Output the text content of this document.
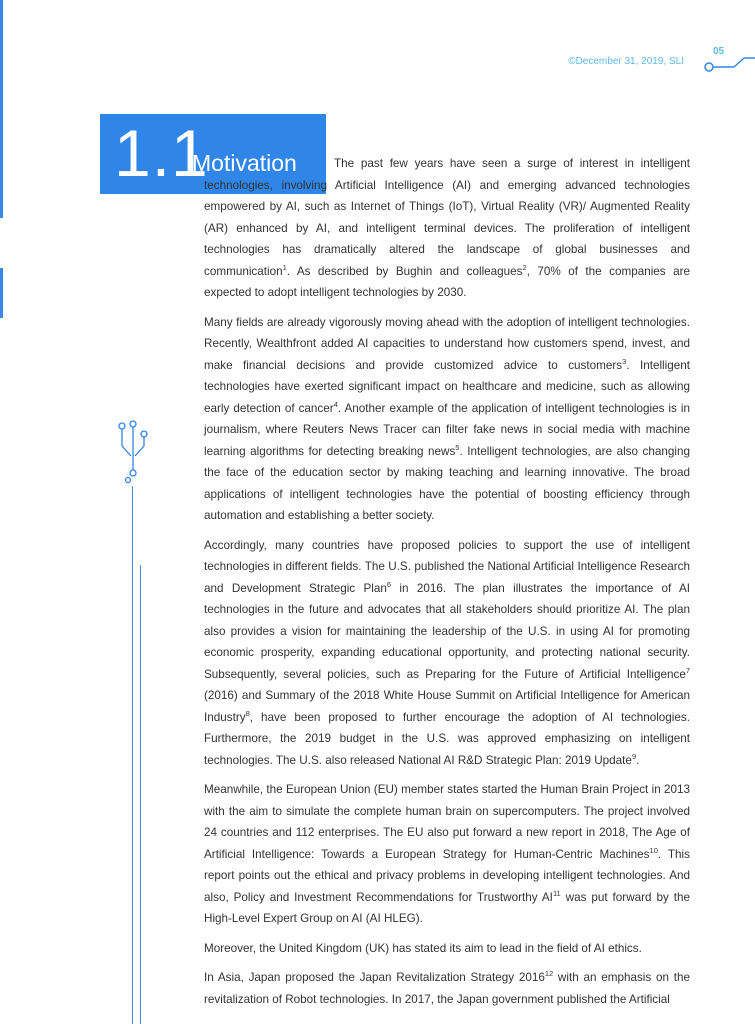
©December 31, 2019, SLI
05
1.1
Motivation	The past few years have seen a surge of interest in intelligent technologies, involving Artificial Intelligence (AI) and emerging advanced technologies empowered by AI, such as Internet of Things (IoT), Virtual Reality (VR)/ Augmented Reality (AR) enhanced by AI, and intelligent terminal devices. The proliferation of intelligent technologies has dramatically altered the landscape of global businesses and communication$^1$. As described by Bughin and colleagues$^2$, 70% of the companies are expected to adopt intelligent technologies by 2030.

Many fields are already vigorously moving ahead with the adoption of intelligent technologies. Recently, Wealthfront added AI capacities to understand how customers spend, invest, and make financial decisions and provide customized advice to customers$^3$. Intelligent technologies have exerted significant impact on healthcare and medicine, such as allowing early detection of cancer$^4$. Another example of the application of intelligent technologies is in journalism, where Reuters News Tracer can filter fake news in social media with machine learning algorithms for detecting breaking news$^5$. Intelligent technologies, are also changing the face of the education sector by making teaching and learning innovative. The broad applications of intelligent technologies have the potential of boosting efficiency through automation and establishing a better society.

Accordingly, many countries have proposed policies to support the use of intelligent technologies in different fields. The U.S. published the National Artificial Intelligence Research and Development Strategic Plan$^6$ in 2016. The plan illustrates the importance of AI technologies in the future and advocates that all stakeholders should prioritize AI. The plan also provides a vision for maintaining the leadership of the U.S. in using AI for promoting economic prosperity, expanding educational opportunity, and protecting national security. Subsequently, several policies, such as Preparing for the Future of Artificial Intelligence$^7$ (2016) and Summary of the 2018 White House Summit on Artificial Intelligence for American Industry$^8$, have been proposed to further encourage the adoption of AI technologies. Furthermore, the 2019 budget in the U.S. was approved emphasizing on intelligent technologies. The U.S. also released National AI R&D Strategic Plan: 2019 Update$^9$.

Meanwhile, the European Union (EU) member states started the Human Brain Project in 2013 with the aim to simulate the complete human brain on supercomputers. The project involved 24 countries and 112 enterprises. The EU also put forward a new report in 2018, The Age of Artificial Intelligence: Towards a European Strategy for Human-Centric Machines$^{10}$. This report points out the ethical and privacy problems in developing intelligent technologies. And also, Policy and Investment Recommendations for Trustworthy AI$^{11}$ was put forward by the High-Level Expert Group on AI (AI HLEG).

Moreover, the United Kingdom (UK) has stated its aim to lead in the field of AI ethics.

In Asia, Japan proposed the Japan Revitalization Strategy 2016$^{12}$ with an emphasis on the revitalization of Robot technologies. In 2017, the Japan government published the Artificial
